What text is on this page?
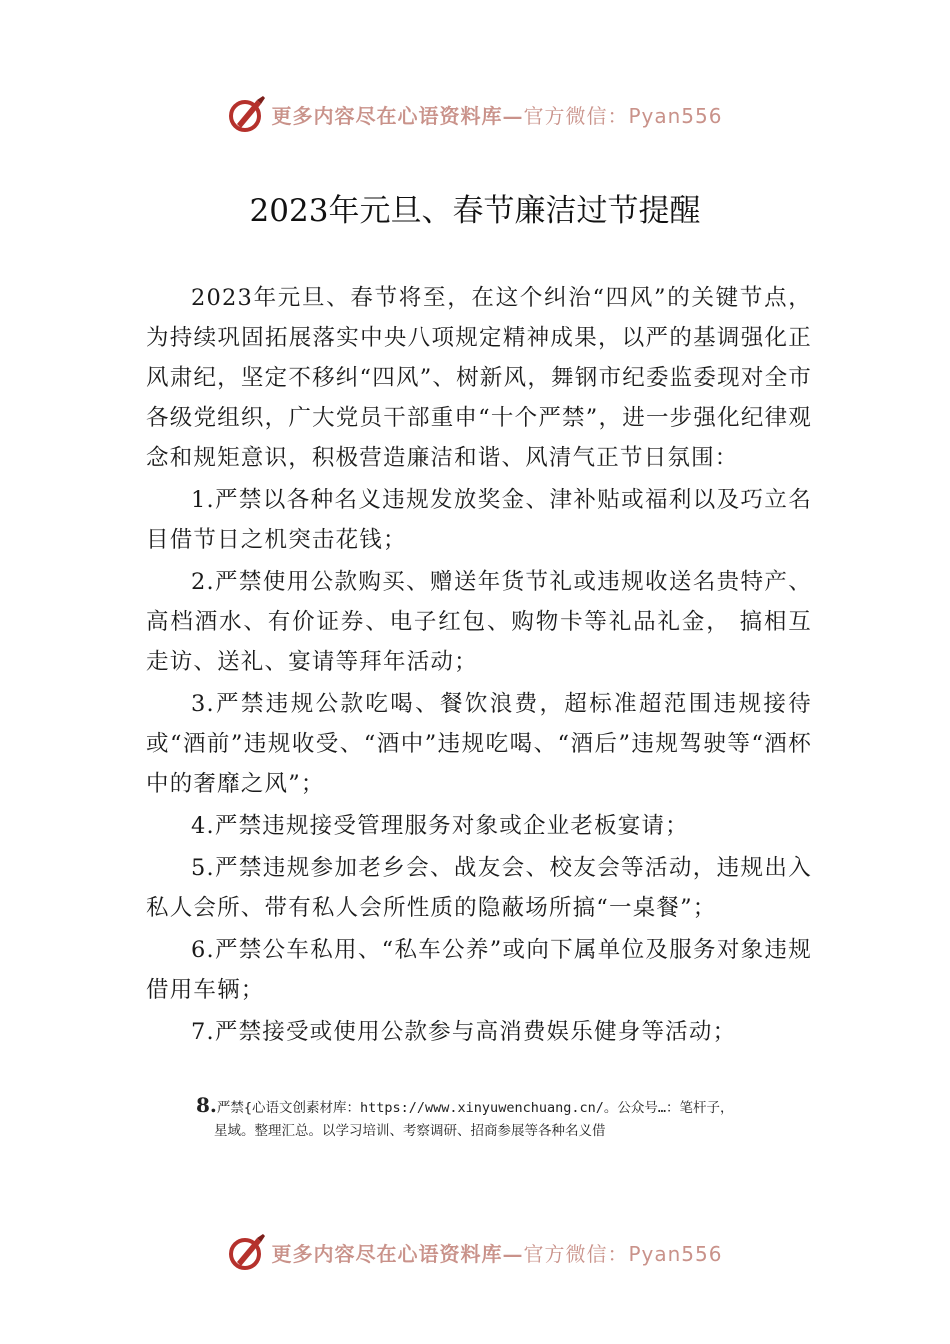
更多内容尽在心语资料库—官方微信：Pyan556
2023年元旦、春节廉洁过节提醒

2023年元旦、春节将至，在这个纠治“四风”的关键节点，为持续巩固拓展落实中央八项规定精神成果，以严的基调强化正风肃纪，坚定不移纠“四风”、树新风，舞钢市纪委监委现对全市各级党组织，广大党员干部重申“十个严禁”，进一步强化纪律观念和规矩意识，积极营造廉洁和谐、风清气正节日氛围：

1.严禁以各种名义违规发放奖金、津补贴或福利以及巧立名目借节日之机突击花钱；

2.严禁使用公款购买、赠送年货节礼或违规收送名贵特产、高档酒水、有价证券、电子红包、购物卡等礼品礼金， 搞相互走访、送礼、宴请等拜年活动；

3.严禁违规公款吃喝、餐饮浪费，超标准超范围违规接待或“酒前”违规收受、“酒中”违规吃喝、“酒后”违规驾驶等“酒杯中的奢靡之风”；

4.严禁违规接受管理服务对象或企业老板宴请；

5.严禁违规参加老乡会、战友会、校友会等活动，违规出入私人会所、带有私人会所性质的隐蔽场所搞“一桌餐”；

6.严禁公车私用、“私车公养”或向下属单位及服务对象违规借用车辆；

7.严禁接受或使用公款参与高消费娱乐健身等活动；

8.严禁{心语文创素材库：https://www.xinyuwenchuang.cn/。公众号…：笔杆子，
星域。整理汇总。以学习培训、考察调研、招商参展等各种名义借
更多内容尽在心语资料库—官方微信：Pyan556
